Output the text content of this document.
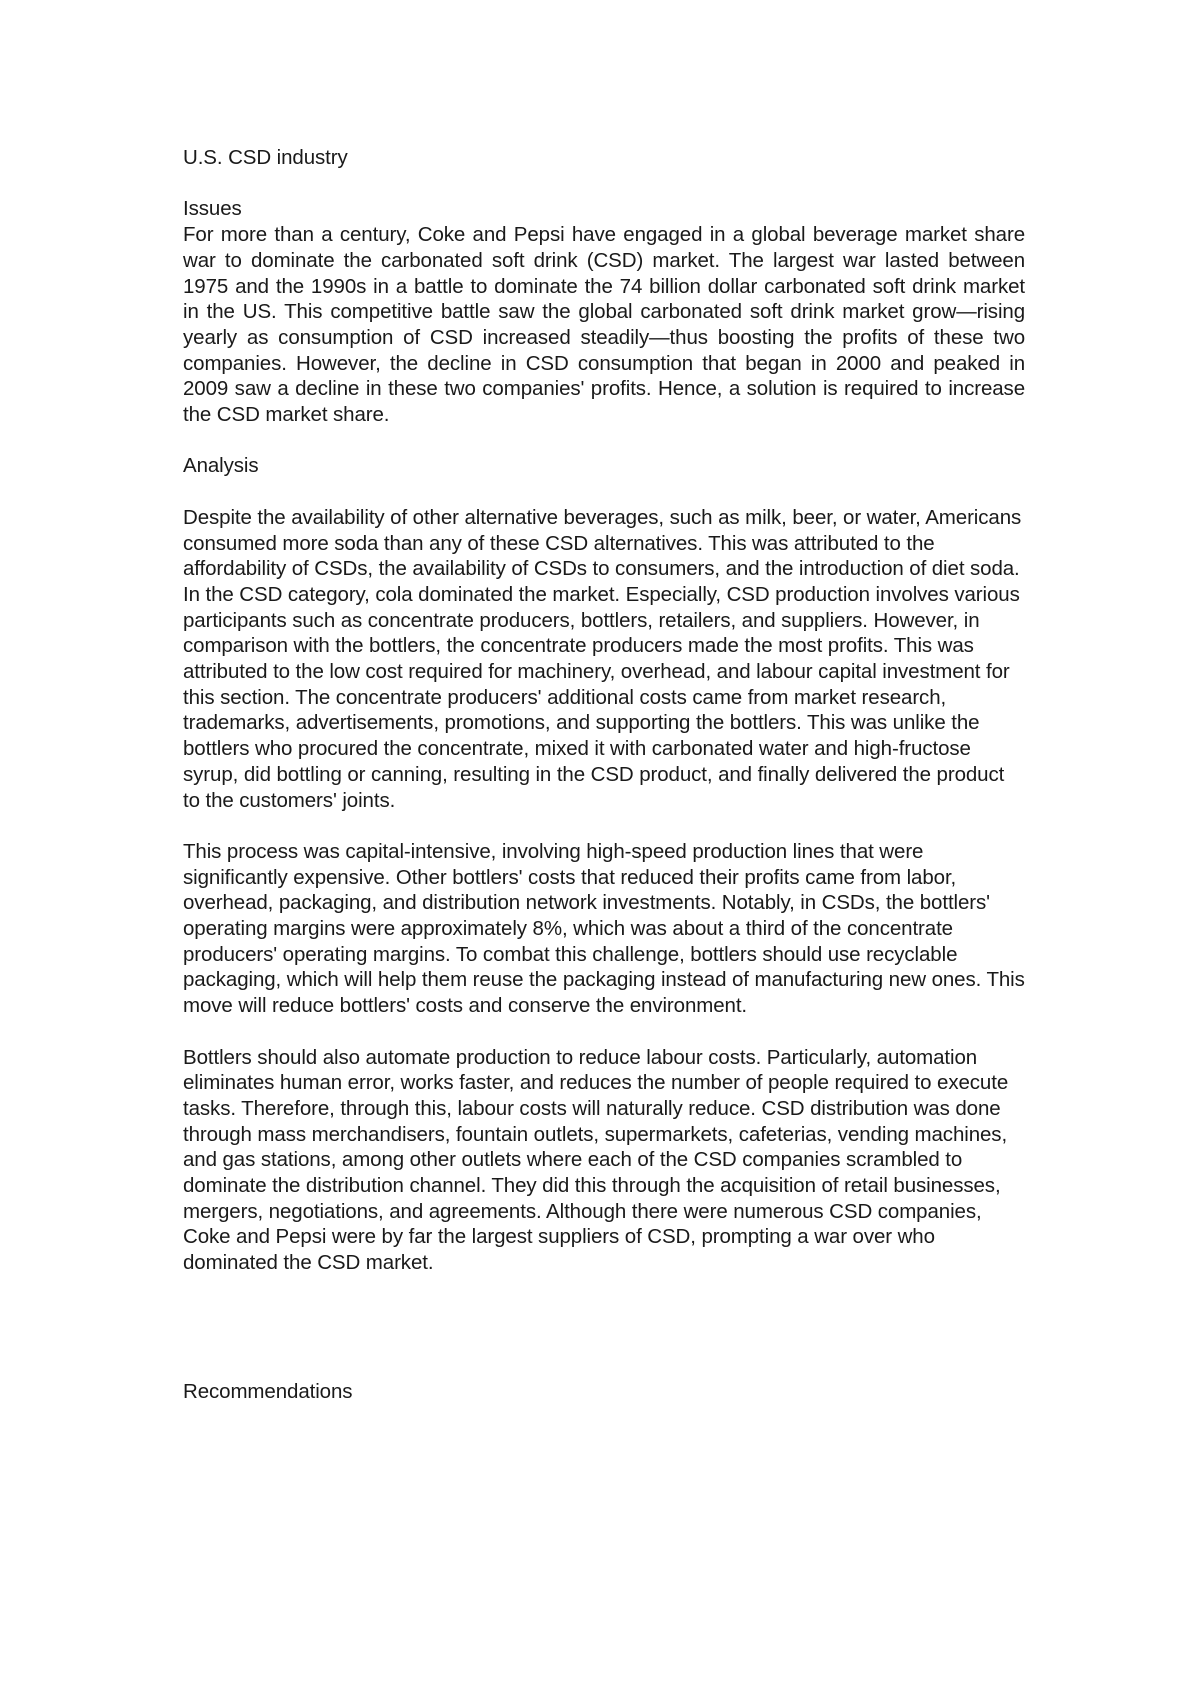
U.S. CSD industry
Issues

For more than a century, Coke and Pepsi have engaged in a global beverage market share war to dominate the carbonated soft drink (CSD) market. The largest war lasted between 1975 and the 1990s in a battle to dominate the 74 billion dollar carbonated soft drink market in the US. This competitive battle saw the global carbonated soft drink market grow—rising yearly as consumption of CSD increased steadily—thus boosting the profits of these two companies. However, the decline in CSD consumption that began in 2000 and peaked in 2009 saw a decline in these two companies' profits. Hence, a solution is required to increase the CSD market share.

Analysis

Despite the availability of other alternative beverages, such as milk, beer, or water, Americans consumed more soda than any of these CSD alternatives. This was attributed to the affordability of CSDs, the availability of CSDs to consumers, and the introduction of diet soda. In the CSD category, cola dominated the market. Especially, CSD production involves various participants such as concentrate producers, bottlers, retailers, and suppliers. However, in comparison with the bottlers, the concentrate producers made the most profits. This was attributed to the low cost required for machinery, overhead, and labour capital investment for this section. The concentrate producers' additional costs came from market research, trademarks, advertisements, promotions, and supporting the bottlers. This was unlike the bottlers who procured the concentrate, mixed it with carbonated water and high-fructose syrup, did bottling or canning, resulting in the CSD product, and finally delivered the product to the customers' joints.

This process was capital-intensive, involving high-speed production lines that were significantly expensive. Other bottlers' costs that reduced their profits came from labor, overhead, packaging, and distribution network investments. Notably, in CSDs, the bottlers' operating margins were approximately 8%, which was about a third of the concentrate producers' operating margins. To combat this challenge, bottlers should use recyclable packaging, which will help them reuse the packaging instead of manufacturing new ones. This move will reduce bottlers' costs and conserve the environment.

Bottlers should also automate production to reduce labour costs. Particularly, automation eliminates human error, works faster, and reduces the number of people required to execute tasks. Therefore, through this, labour costs will naturally reduce. CSD distribution was done through mass merchandisers, fountain outlets, supermarkets, cafeterias, vending machines, and gas stations, among other outlets where each of the CSD companies scrambled to dominate the distribution channel. They did this through the acquisition of retail businesses, mergers, negotiations, and agreements. Although there were numerous CSD companies, Coke and Pepsi were by far the largest suppliers of CSD, prompting a war over who dominated the CSD market.

Recommendations
